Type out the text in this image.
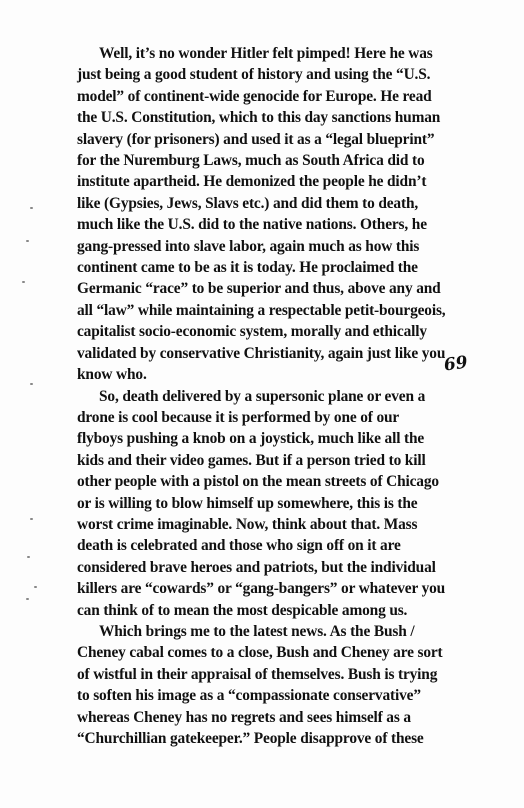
Well, it’s no wonder Hitler felt pimped! Here he was
just being a good student of history and using the “U.S.
model” of continent-wide genocide for Europe. He read
the U.S. Constitution, which to this day sanctions human
slavery (for prisoners) and used it as a “legal blueprint”
for the Nuremburg Laws, much as South Africa did to
institute apartheid. He demonized the people he didn’t
like (Gypsies, Jews, Slavs etc.) and did them to death,
much like the U.S. did to the native nations. Others, he
gang-pressed into slave labor, again much as how this
continent came to be as it is today. He proclaimed the
Germanic “race” to be superior and thus, above any and
all “law” while maintaining a respectable petit-bourgeois,
capitalist socio-economic system, morally and ethically
validated by conservative Christianity, again just like you
know who.
So, death delivered by a supersonic plane or even a
drone is cool because it is performed by one of our
flyboys pushing a knob on a joystick, much like all the
kids and their video games. But if a person tried to kill
other people with a pistol on the mean streets of Chicago
or is willing to blow himself up somewhere, this is the
worst crime imaginable. Now, think about that. Mass
death is celebrated and those who sign off on it are
considered brave heroes and patriots, but the individual
killers are “cowards” or “gang-bangers” or whatever you
can think of to mean the most despicable among us.
Which brings me to the latest news. As the Bush /
Cheney cabal comes to a close, Bush and Cheney are sort
of wistful in their appraisal of themselves. Bush is trying
to soften his image as a “compassionate conservative”
whereas Cheney has no regrets and sees himself as a
“Churchillian gatekeeper.” People disapprove of these
69
